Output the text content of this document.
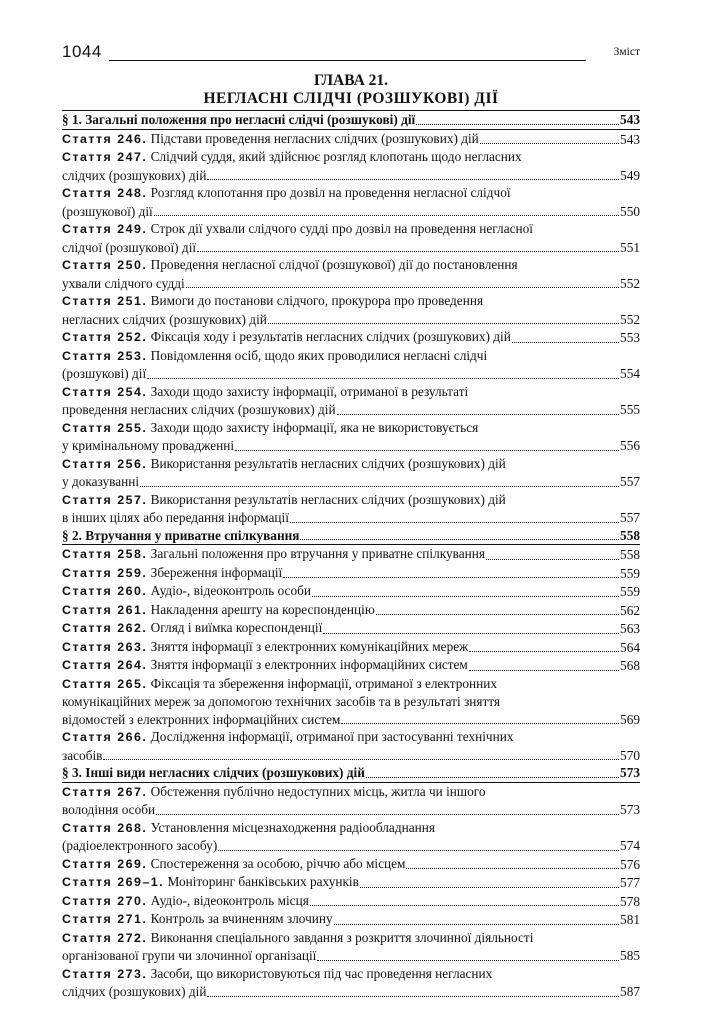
1044	Зміст
ГЛАВА 21.
НЕГЛАСНІ СЛІДЧІ (РОЗШУКОВІ) ДІЇ
§ 1. Загальні положення про негласні слідчі (розшукові) дії	543
Стаття 246. Підстави проведення негласних слідчих (розшукових) дій	543
Стаття 247. Слідчий суддя, який здійснює розгляд клопотань щодо негласних
слідчих (розшукових) дій	549
Стаття 248. Розгляд клопотання про дозвіл на проведення негласної слідчої
(розшукової) дії	550
Стаття 249. Строк дії ухвали слідчого судді про дозвіл на проведення негласної
слідчої (розшукової) дії	551
Стаття 250. Проведення негласної слідчої (розшукової) дії до постановлення
ухвали слідчого судді	552
Стаття 251. Вимоги до постанови слідчого, прокурора про проведення
негласних слідчих (розшукових) дій	552
Стаття 252. Фіксація ходу і результатів негласних слідчих (розшукових) дій	553
Стаття 253. Повідомлення осіб, щодо яких проводилися негласні слідчі
(розшукові) дії	554
Стаття 254. Заходи щодо захисту інформації, отриманої в результаті
проведення негласних слідчих (розшукових) дій	555
Стаття 255. Заходи щодо захисту інформації, яка не використовується
у кримінальному провадженні	556
Стаття 256. Використання результатів негласних слідчих (розшукових) дій
у доказуванні	557
Стаття 257. Використання результатів негласних слідчих (розшукових) дій
в інших цілях або передання інформації	557
§ 2. Втручання у приватне спілкування	558
Стаття 258. Загальні положення про втручання у приватне спілкування	558
Стаття 259. Збереження інформації	559
Стаття 260. Аудіо-, відеоконтроль особи	559
Стаття 261. Накладення арешту на кореспонденцію	562
Стаття 262. Огляд і виїмка кореспонденції	563
Стаття 263. Зняття інформації з електронних комунікаційних мереж	564
Стаття 264. Зняття інформації з електронних інформаційних систем	568
Стаття 265. Фіксація та збереження інформації, отриманої з електронних
комунікаційних мереж за допомогою технічних засобів та в результаті зняття
відомостей з електронних інформаційних систем	569
Стаття 266. Дослідження інформації, отриманої при застосуванні технічних
засобів	570
§ 3. Інші види негласних слідчих (розшукових) дій	573
Стаття 267. Обстеження публічно недоступних місць, житла чи іншого
володіння особи	573
Стаття 268. Установлення місцезнаходження радіообладнання
(радіоелектронного засобу)	574
Стаття 269. Спостереження за особою, річчю або місцем	576
Стаття 269–1. Моніторинг банківських рахунків	577
Стаття 270. Аудіо-, відеоконтроль місця	578
Стаття 271. Контроль за вчиненням злочину	581
Стаття 272. Виконання спеціального завдання з розкриття злочинної діяльності
організованої групи чи злочинної організації	585
Стаття 273. Засоби, що використовуються під час проведення негласних
слідчих (розшукових) дій	587
